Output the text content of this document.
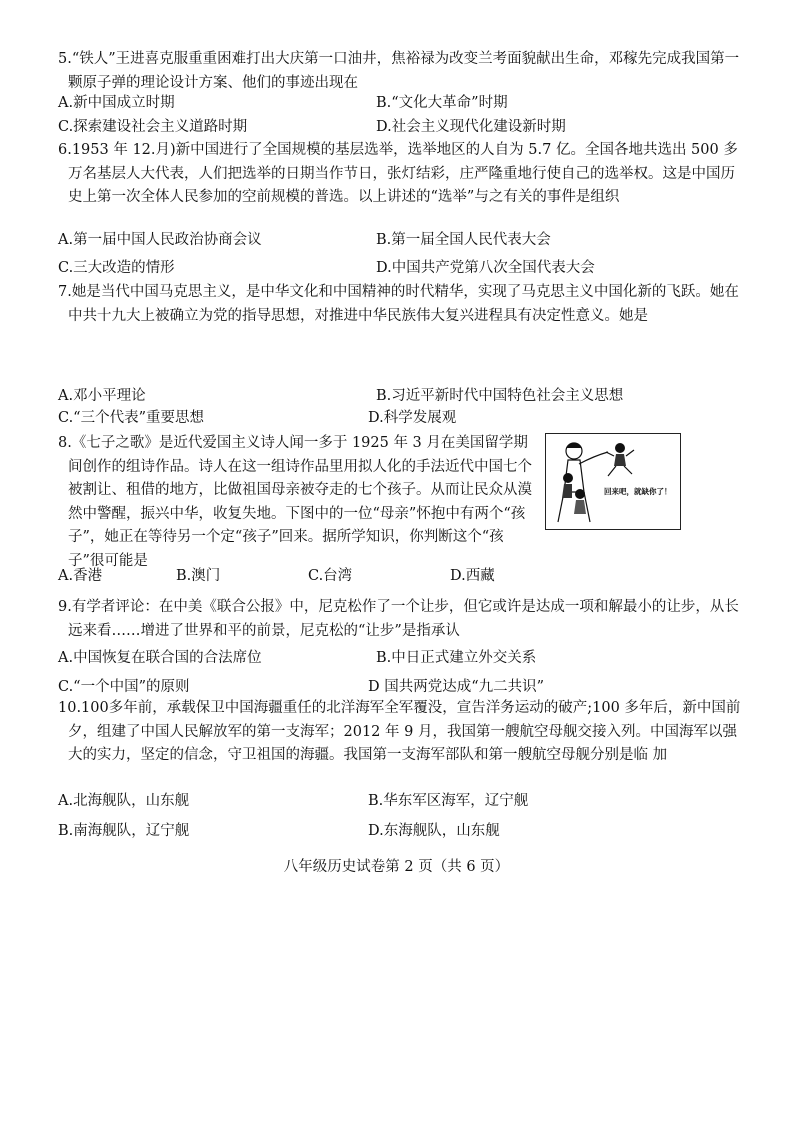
5.“铁人”王进喜克服重重困难打出大庆第一口油井，焦裕禄为改变兰考面貌献出生命，邓稼先完成我国第一颗原子弹的理论设计方案、他们的事迹出现在

A.新中国成立时期	B.“文化大革命”时期
C.探索建设社会主义道路时期	D.社会主义现代化建设新时期

6.1953 年 12.月)新中国进行了全国规模的基层选举，选举地区的人自为 5.7 亿。全国各地共选出 500 多万名基层人大代表，人们把选举的日期当作节日，张灯结彩，庄严隆重地行使自己的选举权。这是中国历史上第一次全体人民参加的空前规模的普选。以上讲述的“选举”与之有关的事件是组织

A.第一届中国人民政治协商会议	B.第一届全国人民代表大会
C.三大改造的情形	D.中国共产党第八次全国代表大会

7.她是当代中国马克思主义，是中华文化和中国精神的时代精华，实现了马克思主义中国化新的飞跃。她在中共十九大上被确立为党的指导思想，对推进中华民族伟大复兴进程具有决定性意义。她是

A.邓小平理论	B.习近平新时代中国特色社会主义思想
C.“三个代表”重要思想	D.科学发展观

8.《七子之歌》是近代爱国主义诗人闻一多于 1925 年 3 月在美国留学期间创作的组诗作品。诗人在这一组诗作品里用拟人化的手法近代中国七个被割让、租借的地方，比做祖国母亲被夺走的七个孩子。从而让民众从漠然中警醒，振兴中华，收复失地。下图中的一位“母亲”怀抱中有两个“孩子”，她正在等待另一个定“孩子”回来。据所学知识，你判断这个“孩子”很可能是

回来吧，就缺你了！
A.香港	B.澳门	C.台湾	D.西藏

9.有学者评论：在中美《联合公报》中，尼克松作了一个让步，但它或许是达成一项和解最小的让步，从长远来看……增进了世界和平的前景，尼克松的“让步”是指承认

A.中国恢复在联合国的合法席位	B.中日正式建立外交关系
C.“一个中国”的原则	D 国共两党达成“九二共识”

10.100多年前，承载保卫中国海疆重任的北洋海军全军覆没，宣告洋务运动的破产;100 多年后，新中国前夕，组建了中国人民解放军的第一支海军；2012 年 9 月，我国第一艘航空母舰交接入列。中国海军以强大的实力，坚定的信念，守卫祖国的海疆。我国第一支海军部队和第一艘航空母舰分别是临 加

A.北海舰队，山东舰	B.华东军区海军，辽宁舰
B.南海舰队，辽宁舰	D.东海舰队，山东舰
八年级历史试卷第 2 页（共 6 页）
